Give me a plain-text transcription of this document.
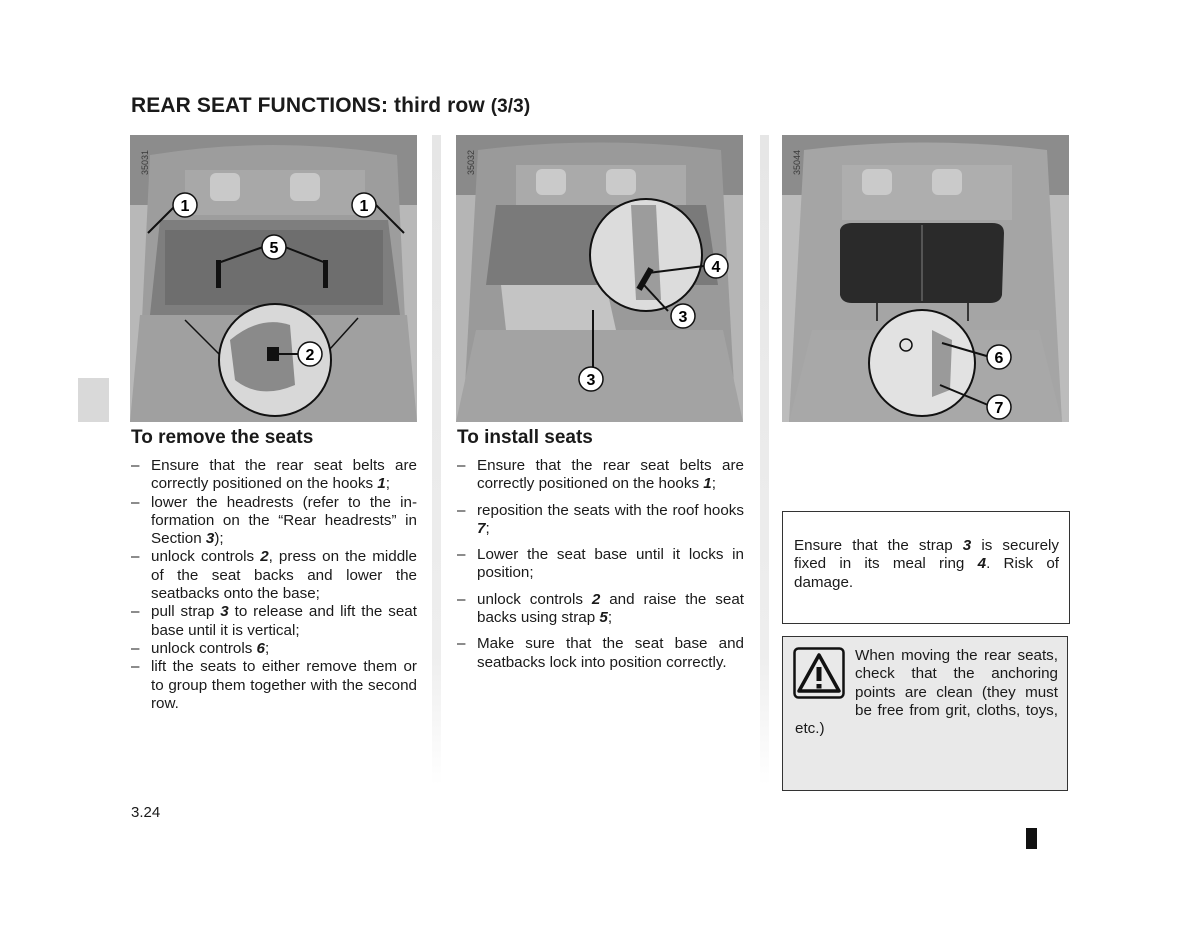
REAR SEAT FUNCTIONS: third row (3/3)
1	1
5
2
35031
4
3
3
35032
6
7
35044
To remove the seats
– Ensure that the rear seat belts are correctly positioned on the hooks 1;
– lower the headrests (refer to the information on the “Rear headrests” in Section 3);
– unlock controls 2, press on the middle of the seat backs and lower the seatbacks onto the base;
– pull strap 3 to release and lift the seat base until it is vertical;
– unlock controls 6;
– lift the seats to either remove them or to group them together with the second row.
To install seats
– Ensure that the rear seat belts are correctly positioned on the hooks 1;
– reposition the seats with the roof hooks 7;
– Lower the seat base until it locks in position;
– unlock controls 2 and raise the seat backs using strap 5;
– Make sure that the seat base and seatbacks lock into position correctly.
Ensure that the strap 3 is securely fixed in its meal ring 4. Risk of damage.
When moving the rear seats, check that the anchoring points are clean (they must be free from grit, cloths, toys, etc.)
3.24
